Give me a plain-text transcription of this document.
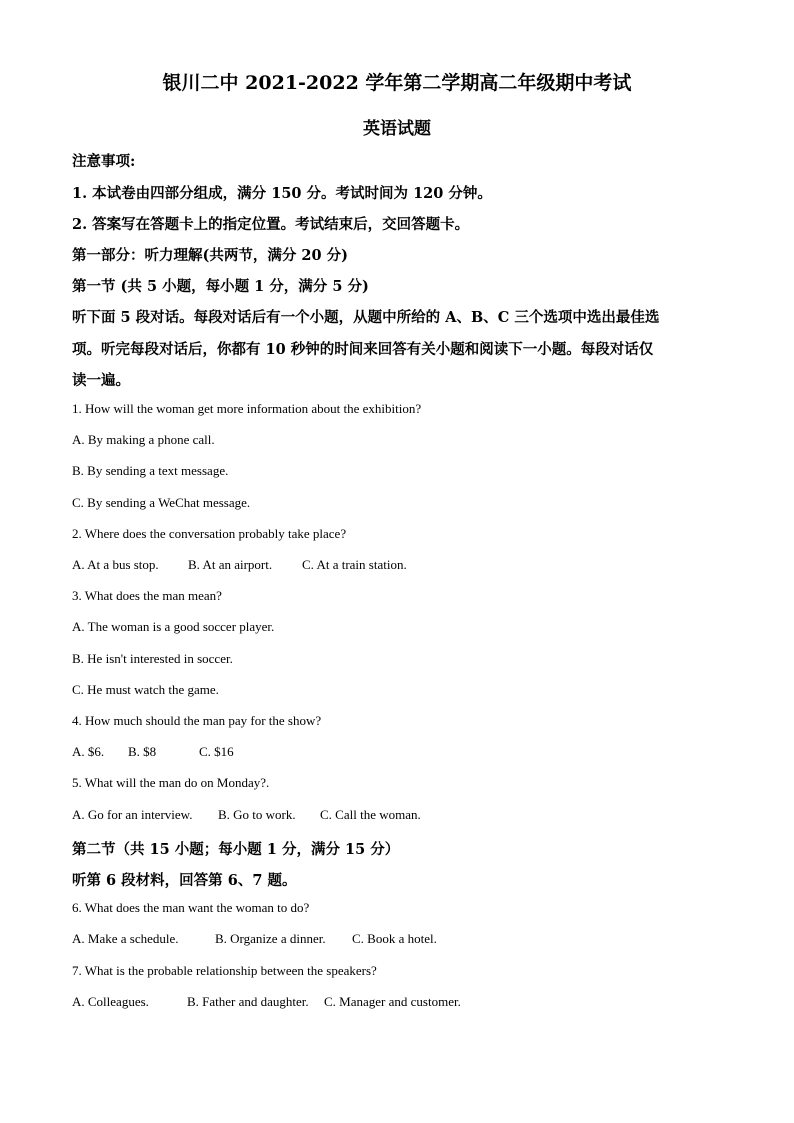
银川二中 2021-2022 学年第二学期高二年级期中考试
英语试题
注意事项:
1. 本试卷由四部分组成，满分 150 分。考试时间为 120 分钟。
2. 答案写在答题卡上的指定位置。考试结束后，交回答题卡。
第一部分：听力理解(共两节，满分 20 分)
第一节 (共 5 小题，每小题 1 分，满分 5 分)
听下面 5 段对话。每段对话后有一个小题，从题中所给的 A、B、C 三个选项中选出最佳选
项。听完每段对话后，你都有 10 秒钟的时间来回答有关小题和阅读下一小题。每段对话仅
读一遍。
1. How will the woman get more information about the exhibition?
A. By making a phone call.
B. By sending a text message.
C. By sending a WeChat message.
2. Where does the conversation probably take place?
A. At a bus stop. B. At an airport. C. At a train station.
3. What does the man mean?
A. The woman is a good soccer player.
B. He isn't interested in soccer.
C. He must watch the game.
4. How much should the man pay for the show?
A. $6. B. $8	C. $16
5. What will the man do on Monday?.
A. Go for an interview. B. Go to work. C. Call the woman.
第二节（共 15 小题；每小题 1 分，满分 15 分）
听第 6 段材料，回答第 6、7 题。
6. What does the man want the woman to do?
A. Make a schedule.	B. Organize a dinner. C. Book a hotel.
7. What is the probable relationship between the speakers?
A. Colleagues.	B. Father and daughter. C. Manager and customer.
